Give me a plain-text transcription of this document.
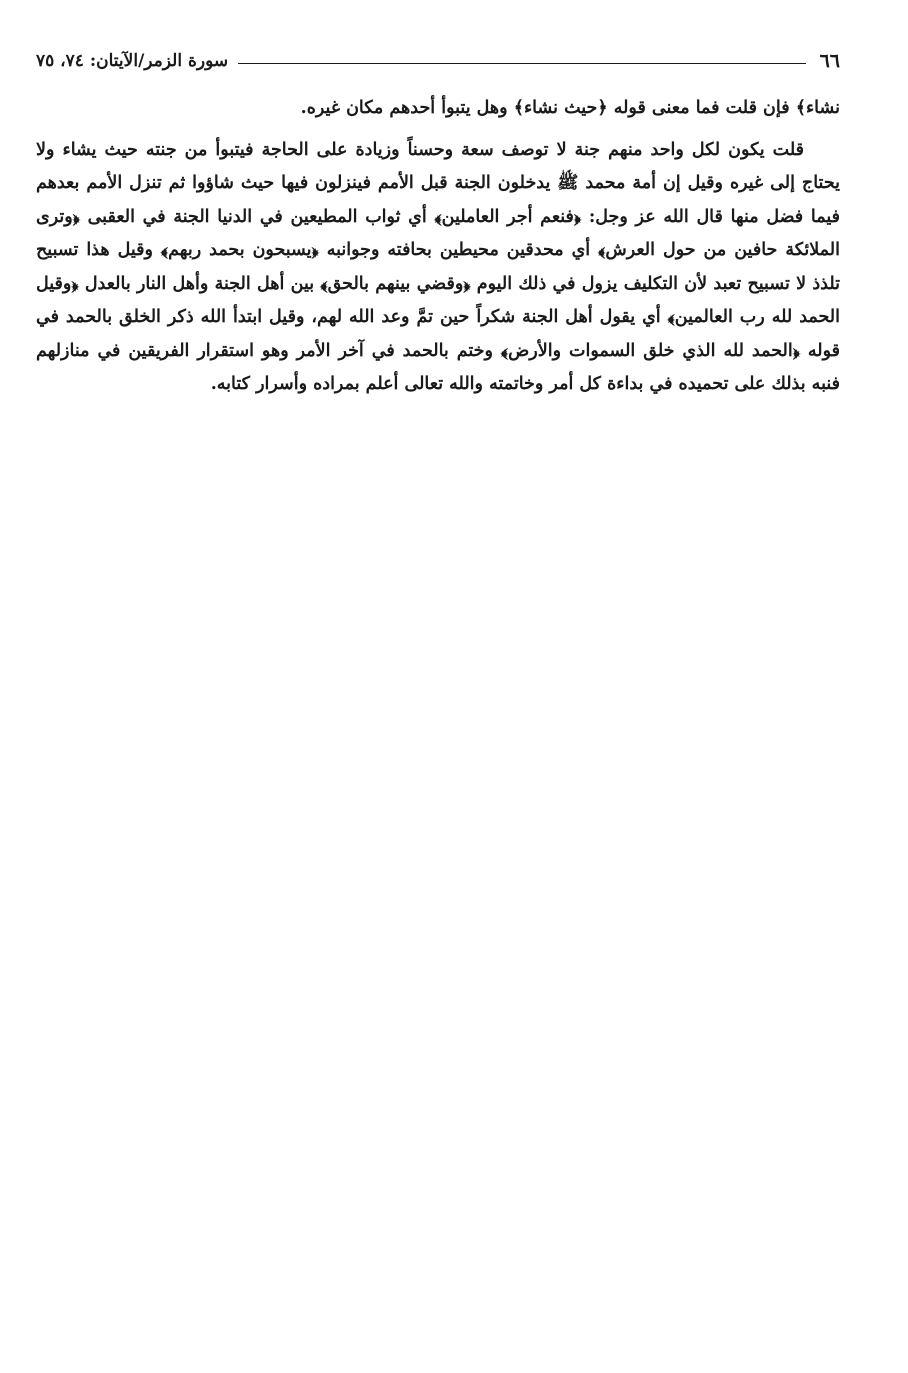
٦٦
سورة الزمر/الآيتان: ٧٤، ٧٥

نشاء﴾ فإن قلت فما معنى قوله ﴿حيث نشاء﴾ وهل يتبوأ أحدهم مكان غيره.

قلت يكون لكل واحد منهم جنة لا توصف سعة وحسناً وزيادة على الحاجة فيتبوأ من جنته حيث يشاء ولا يحتاج إلى غيره وقيل إن أمة محمد ﷺ يدخلون الجنة قبل الأمم فينزلون فيها حيث شاؤوا ثم تنزل الأمم بعدهم فيما فضل منها قال الله عز وجل: ﴿فنعم أجر العاملين﴾ أي ثواب المطيعين في الدنيا الجنة في العقبى ﴿وترى الملائكة حافين من حول العرش﴾ أي محدقين محيطين بحافته وجوانبه ﴿يسبحون بحمد ربهم﴾ وقيل هذا تسبيح تلذذ لا تسبيح تعبد لأن التكليف يزول في ذلك اليوم ﴿وقضي بينهم بالحق﴾ بين أهل الجنة وأهل النار بالعدل ﴿وقيل الحمد لله رب العالمين﴾ أي يقول أهل الجنة شكراً حين تمَّ وعد الله لهم، وقيل ابتدأ الله ذكر الخلق بالحمد في قوله ﴿الحمد لله الذي خلق السموات والأرض﴾ وختم بالحمد في آخر الأمر وهو استقرار الفريقين في منازلهم فنبه بذلك على تحميده في بداءة كل أمر وخاتمته والله تعالى أعلم بمراده وأسرار كتابه.
